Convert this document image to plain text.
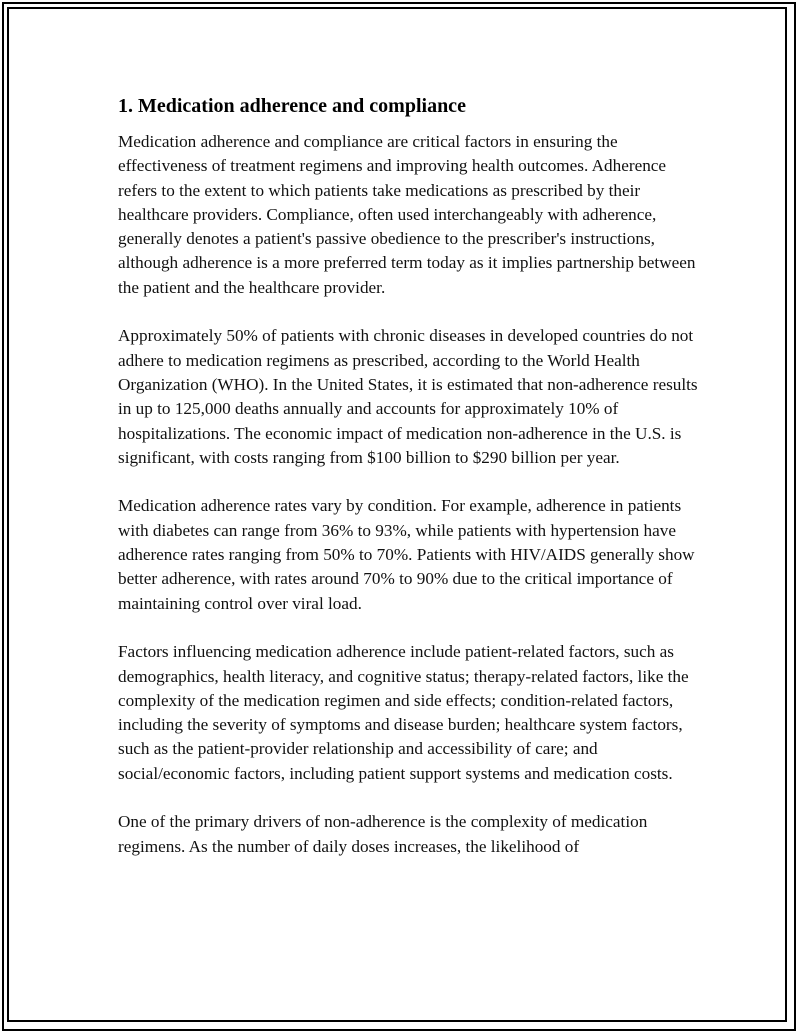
1. Medication adherence and compliance

Medication adherence and compliance are critical factors in ensuring the effectiveness of treatment regimens and improving health outcomes. Adherence refers to the extent to which patients take medications as prescribed by their healthcare providers. Compliance, often used interchangeably with adherence, generally denotes a patient's passive obedience to the prescriber's instructions, although adherence is a more preferred term today as it implies partnership between the patient and the healthcare provider.

Approximately 50% of patients with chronic diseases in developed countries do not adhere to medication regimens as prescribed, according to the World Health Organization (WHO). In the United States, it is estimated that non-adherence results in up to 125,000 deaths annually and accounts for approximately 10% of hospitalizations. The economic impact of medication non-adherence in the U.S. is significant, with costs ranging from $100 billion to $290 billion per year.

Medication adherence rates vary by condition. For example, adherence in patients with diabetes can range from 36% to 93%, while patients with hypertension have adherence rates ranging from 50% to 70%. Patients with HIV/AIDS generally show better adherence, with rates around 70% to 90% due to the critical importance of maintaining control over viral load.

Factors influencing medication adherence include patient-related factors, such as demographics, health literacy, and cognitive status; therapy-related factors, like the complexity of the medication regimen and side effects; condition-related factors, including the severity of symptoms and disease burden; healthcare system factors, such as the patient-provider relationship and accessibility of care; and social/economic factors, including patient support systems and medication costs.

One of the primary drivers of non-adherence is the complexity of medication regimens. As the number of daily doses increases, the likelihood of
